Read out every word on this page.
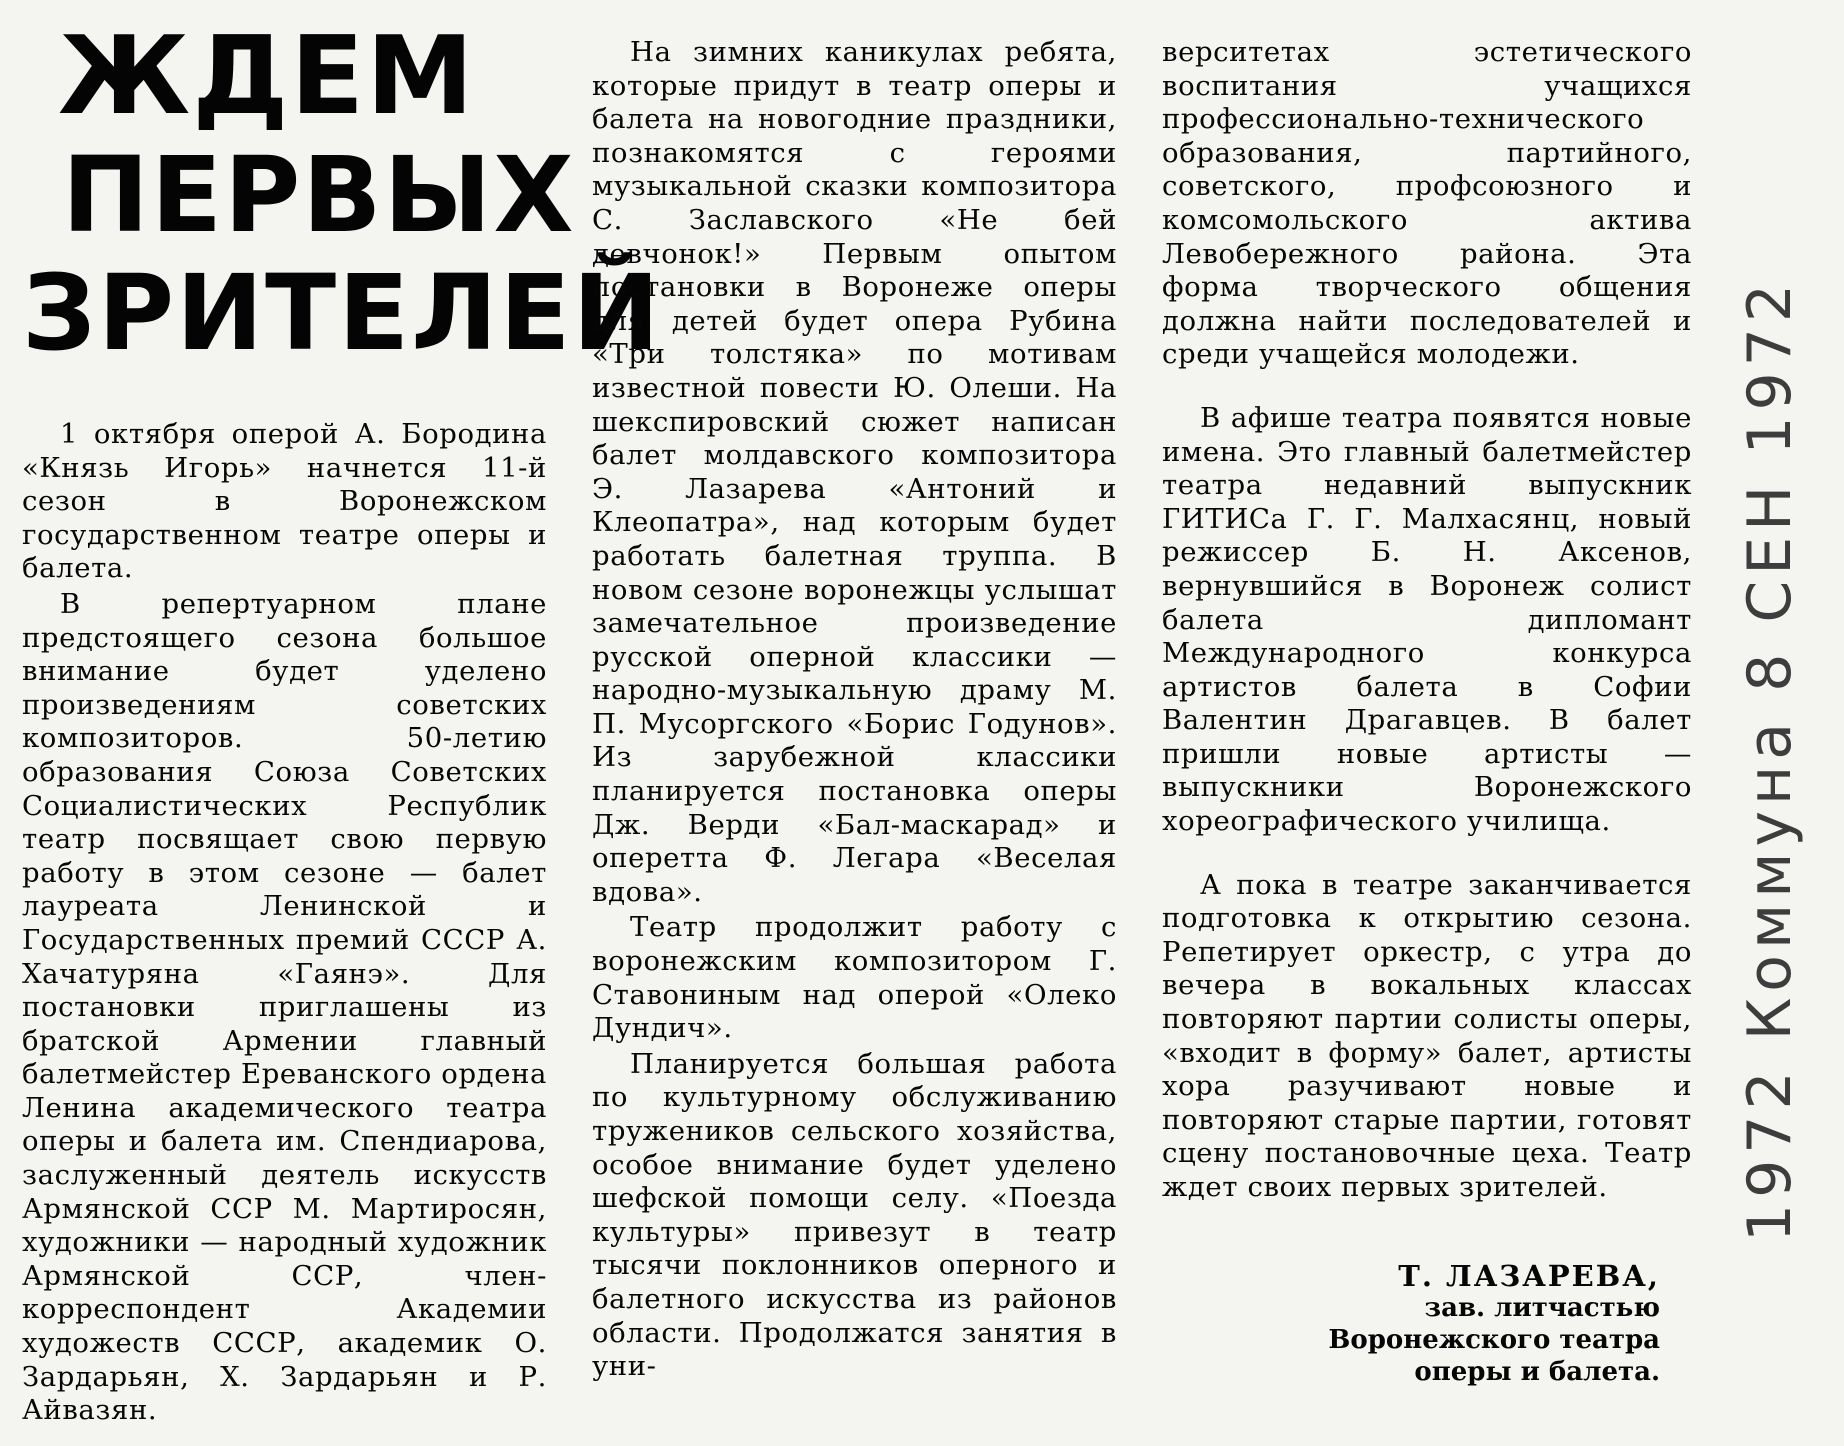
ЖДЕМ
ПЕРВЫХ
ЗРИТЕЛЕЙ

1 октября оперой А. Бородина «Князь Игорь» начнется 11-й сезон в Воронежском государственном театре оперы и балета.

В репертуарном плане предстоящего сезона большое внимание будет уделено произведениям советских композиторов. 50-летию образования Союза Советских Социалистических Республик театр посвящает свою первую работу в этом сезоне — балет лауреата Ленинской и Государственных премий СССР А. Хачатуряна «Гаянэ». Для постановки приглашены из братской Армении главный балетмейстер Ереванского ордена Ленина академического театра оперы и балета им. Спендиарова, заслуженный деятель искусств Армянской ССР М. Мартиросян, художники — народный художник Армянской ССР, член-корреспондент Академии художеств СССР, академик О. Зардарьян, Х. Зардарьян и Р. Айвазян.

На зимних каникулах ребята, которые придут в театр оперы и балета на новогодние праздники, познакомятся с героями музыкальной сказки композитора С. Заславского «Не бей девчонок!» Первым опытом постановки в Воронеже оперы для детей будет опера Рубина «Три толстяка» по мотивам известной повести Ю. Олеши. На шекспировский сюжет написан балет молдавского композитора Э. Лазарева «Антоний и Клеопатра», над которым будет работать балетная труппа. В новом сезоне воронежцы услышат замечательное произведение русской оперной классики — народно-музыкальную драму М. П. Мусоргского «Борис Годунов». Из зарубежной классики планируется постановка оперы Дж. Верди «Бал-маскарад» и оперетта Ф. Легара «Веселая вдова».

Театр продолжит работу с воронежским композитором Г. Ставониным над оперой «Олеко Дундич».

Планируется большая работа по культурному обслуживанию тружеников сельского хозяйства, особое внимание будет уделено шефской помощи селу. «Поезда культуры» привезут в театр тысячи поклонников оперного и балетного искусства из районов области. Продолжатся занятия в уни-

верситетах эстетического воспитания учащихся профессионально-технического образования, партийного, советского, профсоюзного и комсомольского актива Левобережного района. Эта форма творческого общения должна найти последователей и среди учащейся молодежи.

В афише театра появятся новые имена. Это главный балетмейстер театра недавний выпускник ГИТИСа Г. Г. Малхасянц, новый режиссер Б. Н. Аксенов, вернувшийся в Воронеж солист балета дипломант Международного конкурса артистов балета в Софии Валентин Драгавцев. В балет пришли новые артисты — выпускники Воронежского хореографического училища.

А пока в театре заканчивается подготовка к открытию сезона. Репетирует оркестр, с утра до вечера в вокальных классах повторяют партии солисты оперы, «входит в форму» балет, артисты хора разучивают новые и повторяют старые партии, готовят сцену постановочные цеха. Театр ждет своих первых зрителей.

Т. ЛАЗАРЕВА,
зав. литчастью
Воронежского театра
оперы и балета.
1972 Коммуна 8 СЕН 1972
